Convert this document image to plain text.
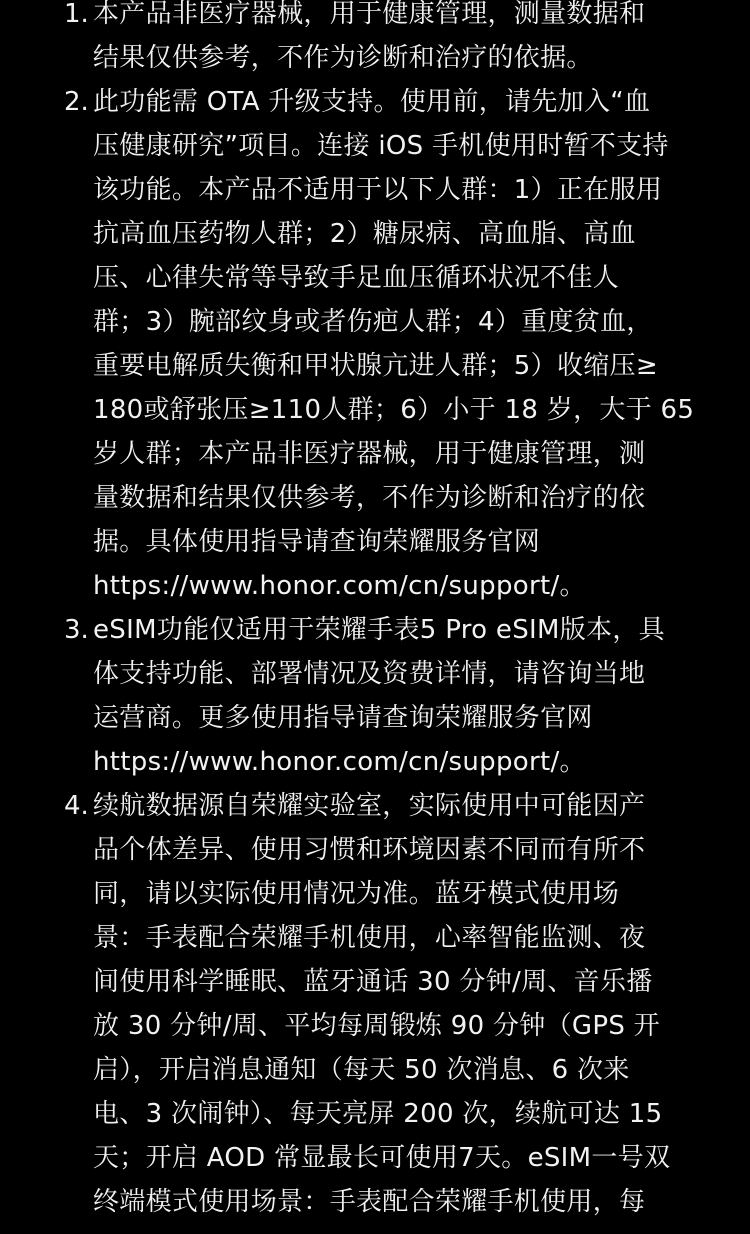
1. 本产品非医疗器械，用于健康管理，测量数据和
结果仅供参考，不作为诊断和治疗的依据。
2. 此功能需 OTA 升级支持。使用前，请先加入“血
压健康研究”项目。连接 iOS 手机使用时暂不支持
该功能。本产品不适用于以下人群：1）正在服用
抗高血压药物人群；2）糖尿病、高血脂、高血
压、心律失常等导致手足血压循环状况不佳人
群；3）腕部纹身或者伤疤人群；4）重度贫血，
重要电解质失衡和甲状腺亢进人群；5）收缩压≥
180或舒张压≥110人群；6）小于 18 岁，大于 65
岁人群；本产品非医疗器械，用于健康管理，测
量数据和结果仅供参考，不作为诊断和治疗的依
据。具体使用指导请查询荣耀服务官网
https://www.honor.com/cn/support/。
3. eSIM功能仅适用于荣耀手表5 Pro eSIM版本，具
体支持功能、部署情况及资费详情，请咨询当地
运营商。更多使用指导请查询荣耀服务官网
https://www.honor.com/cn/support/。
4. 续航数据源自荣耀实验室，实际使用中可能因产
品个体差异、使用习惯和环境因素不同而有所不
同，请以实际使用情况为准。蓝牙模式使用场
景：手表配合荣耀手机使用，心率智能监测、夜
间使用科学睡眠、蓝牙通话 30 分钟/周、音乐播
放 30 分钟/周、平均每周锻炼 90 分钟（GPS 开
启），开启消息通知（每天 50 次消息、6 次来
电、3 次闹钟）、每天亮屏 200 次，续航可达 15
天；开启 AOD 常显最长可使用7天。eSIM一号双
终端模式使用场景：手表配合荣耀手机使用，每
